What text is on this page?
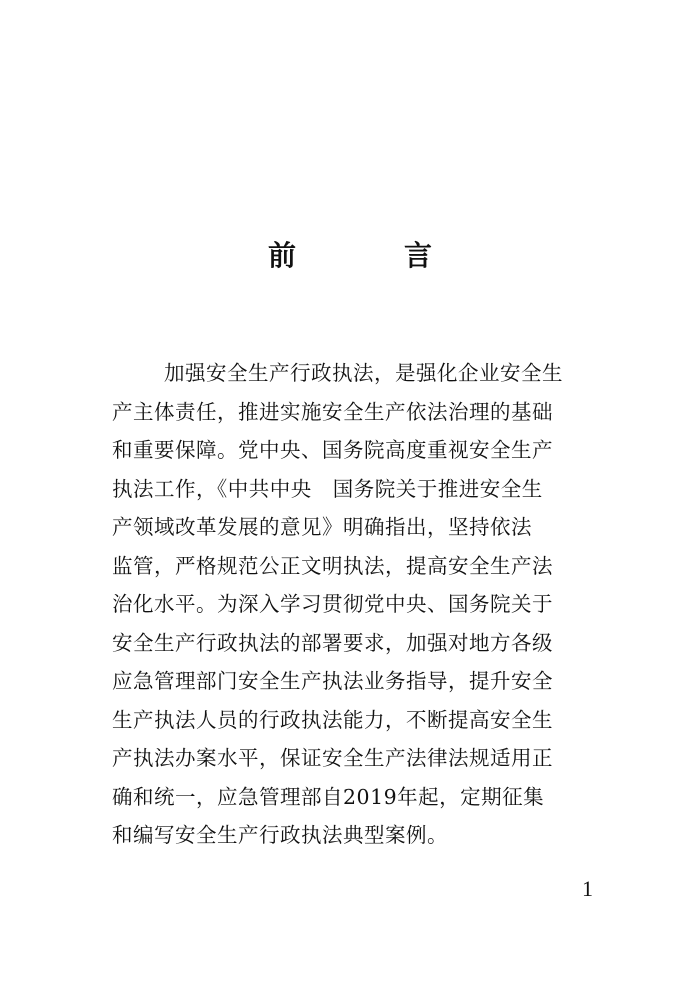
前　言
加强安全生产行政执法，是强化企业安全生
产主体责任，推进实施安全生产依法治理的基础
和重要保障。党中央、国务院高度重视安全生产
执法工作，《中共中央　国务院关于推进安全生
产领域改革发展的意见》明确指出，坚持依法
监管，严格规范公正文明执法，提高安全生产法
治化水平。为深入学习贯彻党中央、国务院关于
安全生产行政执法的部署要求，加强对地方各级
应急管理部门安全生产执法业务指导，提升安全
生产执法人员的行政执法能力，不断提高安全生
产执法办案水平，保证安全生产法律法规适用正
确和统一，应急管理部自2019年起，定期征集
和编写安全生产行政执法典型案例。
1
